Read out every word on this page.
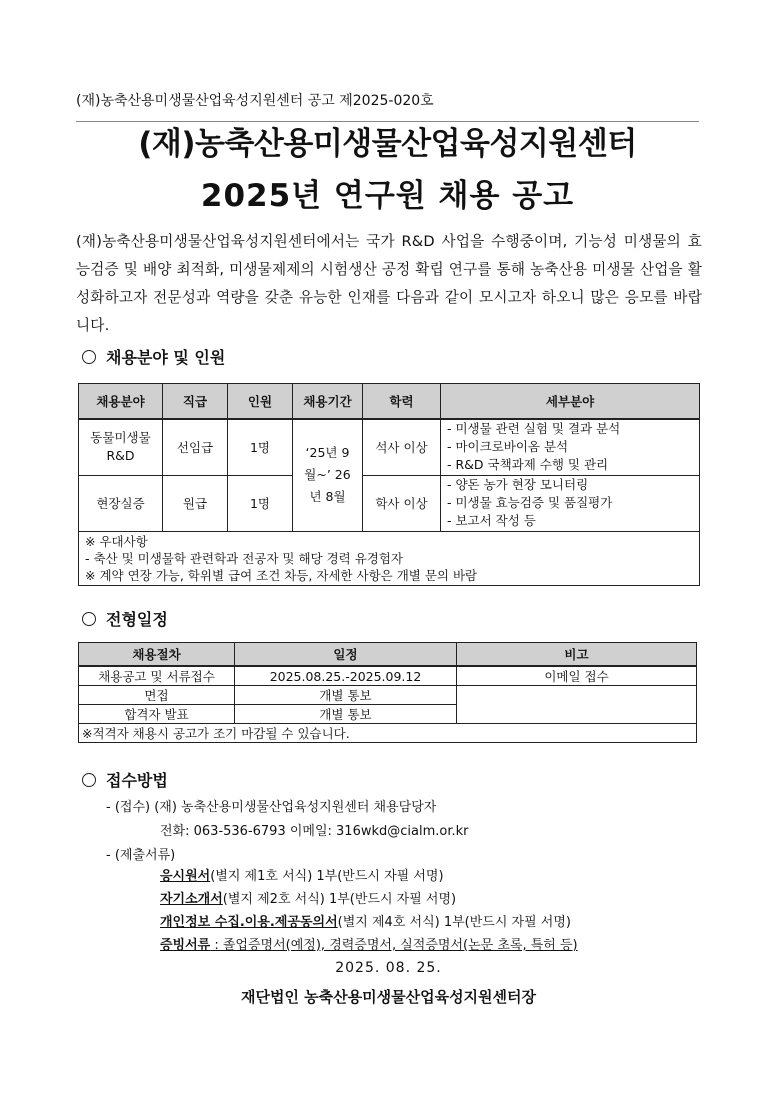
(재)농축산용미생물산업육성지원센터 공고 제2025-020호
(재)농축산용미생물산업육성지원센터
2025년 연구원 채용 공고
(재)농축산용미생물산업육성지원센터에서는 국가 R&D 사업을 수행중이며, 기능성 미생물의 효능검증 및 배양 최적화, 미생물제제의 시험생산 공정 확립 연구를 통해 농축산용 미생물 산업을 활성화하고자 전문성과 역량을 갖춘 유능한 인재를 다음과 같이 모시고자 하오니 많은 응모를 바랍니다.
채용분야 및 인원
채용분야	직급	인원	채용기간	학력	세부분야
동물미생물 R&D	선임급	1명	‘25년 9월~’ 26년 8월	석사 이상	- 미생물 관련 실험 및 결과 분석
- 마이크로바이옴 분석
- R&D 국책과제 수행 및 관리

현장실증	원급	1명		학사 이상	- 양돈 농가 현장 모니터링
- 미생물 효능검증 및 품질평가
- 보고서 작성 등

※ 우대사항
- 축산 및 미생물학 관련학과 전공자 및 해당 경력 유경험자
※ 계약 연장 가능, 학위별 급여 조건 차등, 자세한 사항은 개별 문의 바람					
전형일정
채용절차	일정	비고
채용공고 및 서류접수	2025.08.25.-2025.09.12	이메일 접수
면접	개별 통보	
합격자 발표	개별 통보	
※적격자 채용시 공고가 조기 마감될 수 있습니다.		
접수방법
- (접수) (재) 농축산용미생물산업육성지원센터 채용담당자
전화: 063-536-6793 이메일: 316wkd@cialm.or.kr
- (제출서류)
응시원서(별지 제1호 서식) 1부(반드시 자필 서명)
자기소개서(별지 제2호 서식) 1부(반드시 자필 서명)
개인정보 수집.이용.제공동의서(별지 제4호 서식) 1부(반드시 자필 서명)
증빙서류 : 졸업증명서(예정), 경력증명서, 실적증명서(논문 초록, 특허 등)
2025. 08. 25.
재단법인 농축산용미생물산업육성지원센터장
